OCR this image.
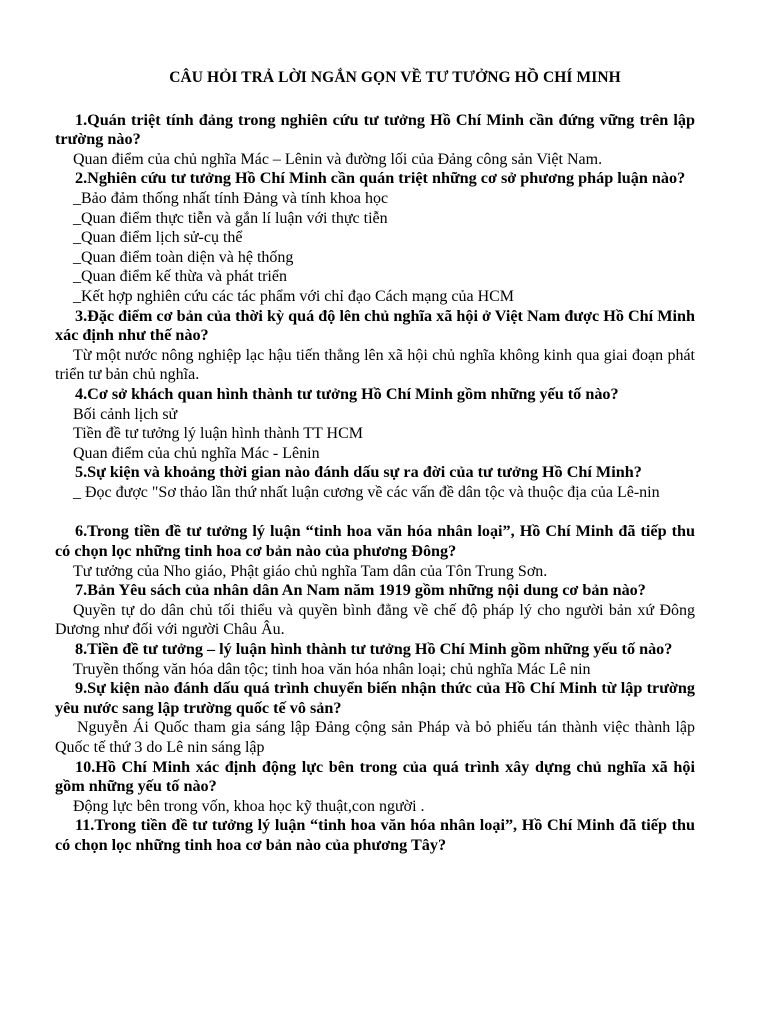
CÂU HỎI TRẢ LỜI NGẮN GỌN VỀ TƯ TƯỞNG HỒ CHÍ MINH

1.Quán triệt tính đảng trong nghiên cứu tư tưởng Hồ Chí Minh cần đứng vững trên lập trường nào?

Quan điểm của chủ nghĩa Mác – Lênin và đường lối của Đảng công sản Việt Nam.

2.Nghiên cứu tư tưởng Hồ Chí Minh cần quán triệt những cơ sở phương pháp luận nào?

_Bảo đảm thống nhất tính Đảng và tính khoa học

_Quan điểm thực tiễn và gắn lí luận với thực tiễn

_Quan điểm lịch sử-cụ thể

_Quan điểm toàn diện và hệ thống

_Quan điểm kế thừa và phát triển

_Kết hợp nghiên cứu các tác phẩm với chỉ đạo Cách mạng của HCM

3.Đặc điểm cơ bản của thời kỳ quá độ lên chủ nghĩa xã hội ở Việt Nam được Hồ Chí Minh xác định như thế nào?

Từ một nước nông nghiệp lạc hậu tiến thẳng lên xã hội chủ nghĩa không kinh qua giai đoạn phát triển tư bản chủ nghĩa.

4.Cơ sở khách quan hình thành tư tưởng Hồ Chí Minh gồm những yếu tố nào?

Bối cảnh lịch sử

Tiền đề tư tưởng lý luận hình thành TT HCM

Quan điểm của chủ nghĩa Mác - Lênin

5.Sự kiện và khoảng thời gian nào đánh dấu sự ra đời của tư tưởng Hồ Chí Minh?

_ Đọc được "Sơ thảo lần thứ nhất luận cương về các vấn đề dân tộc và thuộc địa của Lê-nin

6.Trong tiền đề tư tưởng lý luận “tinh hoa văn hóa nhân loại”, Hồ Chí Minh đã tiếp thu có chọn lọc những tinh hoa cơ bản nào của phương Đông?

Tư tưởng của Nho giáo, Phật giáo chủ nghĩa Tam dân của Tôn Trung Sơn.

7.Bản Yêu sách của nhân dân An Nam năm 1919 gồm những nội dung cơ bản nào?

Quyền tự do dân chủ tối thiểu và quyền bình đẳng về chế độ pháp lý cho người bản xứ Đông Dương như đối với người Châu Âu.

8.Tiền đề tư tưởng – lý luận hình thành tư tưởng Hồ Chí Minh gồm những yếu tố nào?

Truyền thống văn hóa dân tộc; tinh hoa văn hóa nhân loại; chủ nghĩa Mác Lê nin

9.Sự kiện nào đánh dấu quá trình chuyển biến nhận thức của Hồ Chí Minh từ lập trường yêu nước sang lập trường quốc tế vô sản?

Nguyễn Ái Quốc tham gia sáng lập Đảng cộng sản Pháp và bỏ phiếu tán thành việc thành lập Quốc tế thứ 3 do Lê nin sáng lập

10.Hồ Chí Minh xác định động lực bên trong của quá trình xây dựng chủ nghĩa xã hội gồm những yếu tố nào?

Động lực bên trong vốn, khoa học kỹ thuật,con người .

11.Trong tiền đề tư tưởng lý luận “tinh hoa văn hóa nhân loại”, Hồ Chí Minh đã tiếp thu có chọn lọc những tinh hoa cơ bản nào của phương Tây?
